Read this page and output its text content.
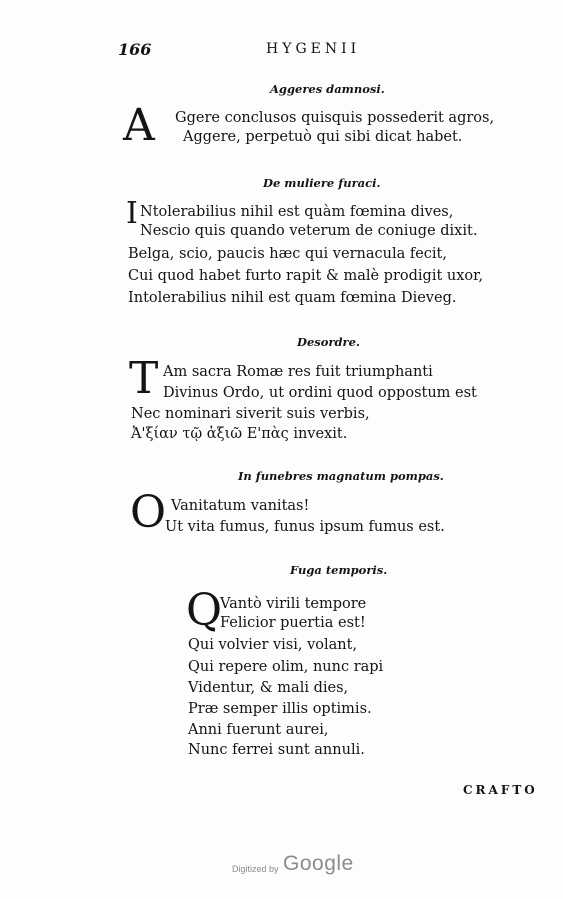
166	HYGENII
Aggeres damnosi.
A Ggere conclusos quisquis possederit agros,
Aggere, perpetuò qui sibi dicat habet.
De muliere furaci.
I Ntolerabilius nihil est quàm fœmina dives,
Nescio quis quando veterum de coniuge dixit.
Belga, scio, paucis hæc qui vernacula fecit,
Cui quod habet furto rapit & malè prodigit uxor,
Intolerabilius nihil est quam fœmina Dieveg.
Desordre.
T Am sacra Romæ res fuit triumphanti
Divinus Ordo, ut ordini quod oppostum est
Nec nominari siverit suis verbis,
Ἀ'ξίαν τῷ ἀξιῶ E'πὰς invexit.
In funebres magnatum pompas.
O Vanitatum vanitas!
Ut vita fumus, funus ipsum fumus est.
Fuga temporis.
Q
Vantò virili tempore
Felicior puertia est!
Qui volvier visi, volant,
Qui repere olim, nunc rapi
Videntur, & mali dies,
Præ semper illis optimis.
Anni fuerunt aurei,
Nunc ferrei sunt annuli.
CRAFTO
Digitized by Google
